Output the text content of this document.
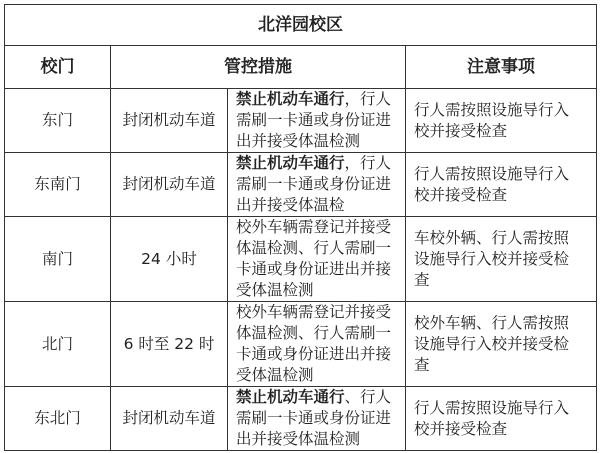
北洋园校区			
校门	管控措施		注意事项
东门	封闭机动车道	禁止机动车通行，行人需刷一卡通或身份证进出并接受体温检测	行人需按照设施导行入校并接受检查
东南门	封闭机动车道	禁止机动车通行，行人需刷一卡通或身份证进出并接受体温检	行人需按照设施导行入校并接受检查
南门	24 小时	校外车辆需登记并接受体温检测、行人需刷一卡通或身份证进出并接受体温检测	车校外辆、行人需按照设施导行入校并接受检查
北门	6 时至 22 时	校外车辆需登记并接受体温检测、行人需刷一卡通或身份证进出并接受体温检测	校外车辆、行人需按照设施导行入校并接受检查
东北门	封闭机动车道	禁止机动车通行、行人需刷一卡通或身份证进出并接受体温检测	行人需按照设施导行入校并接受检查
